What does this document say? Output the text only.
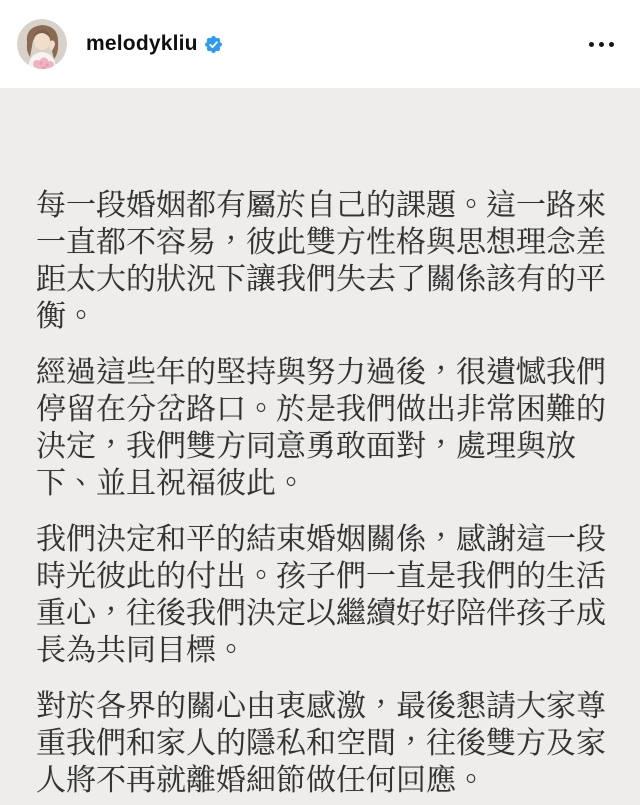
melodykliu

每一段婚姻都有屬於自己的課題。這一路來一直都不容易，彼此雙方性格與思想理念差距太大的狀況下讓我們失去了關係該有的平衡。

經過這些年的堅持與努力過後，很遺憾我們停留在分岔路口。於是我們做出非常困難的決定，我們雙方同意勇敢面對，處理與放下、並且祝福彼此。

我們決定和平的結束婚姻關係，感謝這一段時光彼此的付出。孩子們一直是我們的生活重心，往後我們決定以繼續好好陪伴孩子成長為共同目標。

對於各界的關心由衷感激，最後懇請大家尊重我們和家人的隱私和空間，往後雙方及家人將不再就離婚細節做任何回應。
